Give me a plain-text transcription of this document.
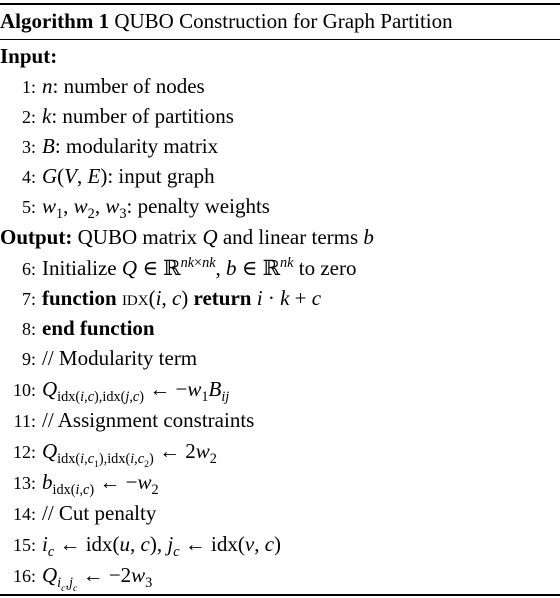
Algorithm 1 QUBO Construction for Graph Partition
Input:
1: n: number of nodes
2: k: number of partitions
3: B: modularity matrix
4: G(V, E): input graph
5: $w_1$, $w_2$, $w_3$: penalty weights
Output: QUBO matrix Q and linear terms b
6: Initialize Q ∈ ℝ$^{nk\times nk}$, b ∈ ℝ$^{nk}$ to zero
7: function idx(i, c) return i · k + c
8: end function
9: // Modularity term
10: $Q_{idx(i,c),idx(j,c)}$ ← $-w_1B_{ij}$
11: // Assignment constraints
12: $Q_{idx(i,c_1),idx(i,c_2)}$ ← $2w_2$
13: $b_{idx(i,c)}$ ← $-w_2$
14: // Cut penalty
15: $i_c$ ← idx(u, c), $j_c$ ← idx(v, c)
16: $Q_{i_c,j_c}$ ← $-2w_3$
